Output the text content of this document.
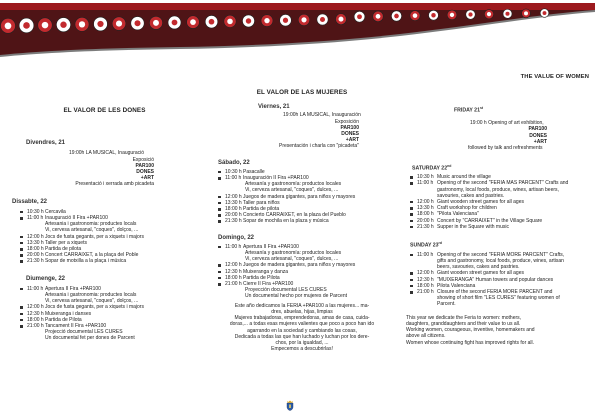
EL VALOR DE LES DONES
Divendres, 21
19:00h LA MUSICAL, Inauguració
Exposició
PAR100
DONES
+ART
Presentació i xerrada amb picadeta
Dissabte, 22
10:30 hCercavila
11:00 h Inauguració II Fira +PAR100
Artesania i gastronomia: productes locals
Vi, cervesa artesanal, "coques", dolços, ...
12:00 hJocs de fusta gegants, per a xiquets i majors
13:30 hTaller per a xiquets
18:00 hPartida de pilota
20:00 hConcert CARRAIXET, a la plaça del Poble
21:30 hSopar de motxilla a la plaça i música
Diumenge, 22
11:00 h Apertura II Fira +PAR100
Artesania i gastronomia: productes locals
Vi, cervesa artesanal, "coques", dolços, ...
12:00 hJocs de fusta gegants, per a xiquets i majors
12:30 hMuixeranga i danses
18:00 hPartida de Pilota
21:00 hTancament II Fira +PAR100
Projecció documental LES CURES
Un documental fet per dones de Parcent
EL VALOR DE LAS MUJERES
Viernes, 21
19:00h LA MUSICAL, Inauguración
Exposición
PAR100
DONES
+ART
Presentación i charla con "picadeta"
Sábado, 22
10:30 hPasacalle
11:00 h Inauguración II Fira +PAR100
Artesanía y gastronomía: productos locales
Vi, cerveza artesanal, "coques", dulces, ...
12:00 hJuegos de madera gigantes, para niños y mayores
13:30 hTaller para niños
18:00 hPartida de pilota
20:00 hConcierto CARRAIXET, en la plaza del Pueblo
21:30 hSopar de mochila en la plaza y música
Domingo, 22
11:00 h Apertura II Fira +PAR100
Artesanía y gastronomía: productos locales
Vi, cerveza artesanal, "coques", dulces, ...
12:00 hJuegos de madera gigantes, para niños y mayores
12:30 hMuixeranga y danza
18:00 hPartida de Pilota
21:00 hCierre II Fira +PAR100
Proyección documental LES CURES
Un documental hecho por mujeres de Parcent
Este año dedicamos la FERIA +PAR100 a las mujeres... ma-
dres, abuelas, hijas, limpias
Mujeres trabajadoras, emprendedoras, amas de casa, cuida-
doras,... a todas esas mujeres valientes que poco a poco han ido
agarrando en la sociedad y cambiando las cosas,
Dedicada a todas las que han luchado y luchan por los dere-
chos, por la igualdad, ...
Empecemos a descubrirlas!
THE VALUE OF WOMEN
FRIDAY 21st
19:00 h Opening of art exhibition,
PAR100
DONES
+ART
followed by talk and refreshments
SATURDAY 22nd
10:30 h Music around the village
11:00 h Opening of the second "FERIA MAS PARCENT" Crafts and gastronomy, local foods, produce, wines, artisan beers, savouries, cakes and pastries.
12:00 h Giant wooden street games for all ages
13:30 h Craft workshop for children
18:00 h "Pilota Valenciana"
20:00 h Concert by "CARRAIXET" in the Village Square
21:30 h Supper in the Square with music
SUNDAY 23rd
11:00 h Opening of the second "FERIA MORE PARCENT" Crafts, gifts and gastronomy, local foods, produce, wines, artisan beers, savouries, cakes and pastries.
12:00 h Giant wooden street games for all ages
12:30 h "MUIXERANGA" Human towers and popular dances
18:00 h Pilota Valenciana
21:00 h Closure of the second FERIA MORE PARCENT and showing of short film "LES CURES" featuring women of Parcent.
This year we dedicate the Feria to women: mothers,
daughters, granddaughters and their value to us all.
Working women, courageous, inventive, homemakers and
above all citizens.
Women whose continuing fight has improved rights for all.
